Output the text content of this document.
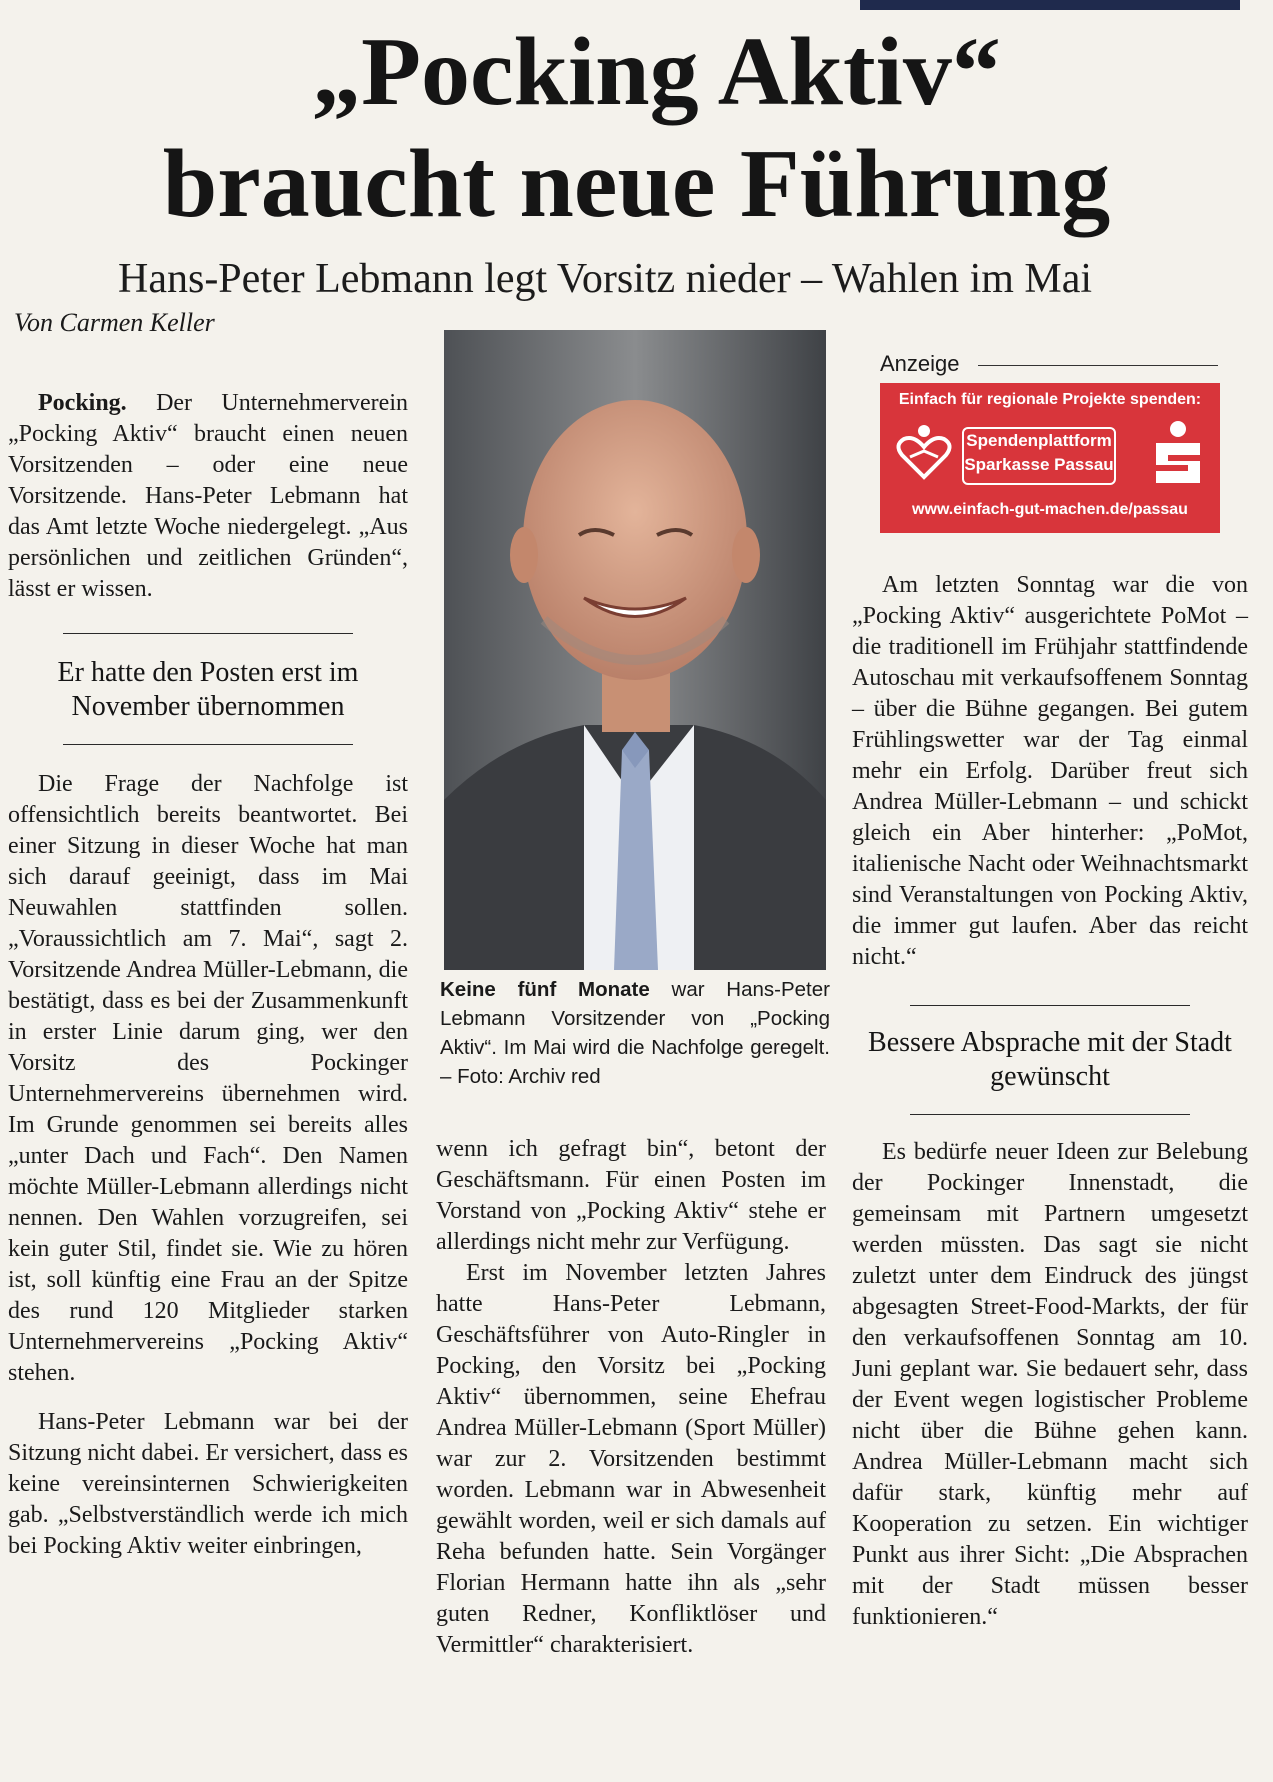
„Pocking Aktiv“
braucht neue Führung

Hans-Peter Lebmann legt Vorsitz nieder – Wahlen im Mai

Von Carmen Keller

Pocking. Der Unternehmerverein „Pocking Aktiv“ braucht einen neuen Vorsitzenden – oder eine neue Vorsitzende. Hans-Peter Lebmann hat das Amt letzte Woche niedergelegt. „Aus persönlichen und zeitlichen Gründen“, lässt er wissen.

Er hatte den Posten erst im November übernommen

Die Frage der Nachfolge ist offensichtlich bereits beantwortet. Bei einer Sitzung in dieser Woche hat man sich darauf geeinigt, dass im Mai Neuwahlen stattfinden sollen. „Voraussichtlich am 7. Mai“, sagt 2. Vorsitzende Andrea Müller-Lebmann, die bestätigt, dass es bei der Zusammenkunft in erster Linie darum ging, wer den Vorsitz des Pockinger Unternehmervereins übernehmen wird. Im Grunde genommen sei bereits alles „unter Dach und Fach“. Den Namen möchte Müller-Lebmann allerdings nicht nennen. Den Wahlen vorzugreifen, sei kein guter Stil, findet sie. Wie zu hören ist, soll künftig eine Frau an der Spitze des rund 120 Mitglieder starken Unternehmervereins „Pocking Aktiv“ stehen.

Hans-Peter Lebmann war bei der Sitzung nicht dabei. Er versichert, dass es keine vereinsinternen Schwierigkeiten gab. „Selbstverständlich werde ich mich bei Pocking Aktiv weiter einbringen,

Keine fünf Monate war Hans-Peter Lebmann Vorsitzender von „Pocking Aktiv“. Im Mai wird die Nachfolge geregelt. – Foto: Archiv red

wenn ich gefragt bin“, betont der Geschäftsmann. Für einen Posten im Vorstand von „Pocking Aktiv“ stehe er allerdings nicht mehr zur Verfügung.

Erst im November letzten Jahres hatte Hans-Peter Lebmann, Geschäftsführer von Auto-Ringler in Pocking, den Vorsitz bei „Pocking Aktiv“ übernommen, seine Ehefrau Andrea Müller-Lebmann (Sport Müller) war zur 2. Vorsitzenden bestimmt worden. Lebmann war in Abwesenheit gewählt worden, weil er sich damals auf Reha befunden hatte. Sein Vorgänger Florian Hermann hatte ihn als „sehr guten Redner, Konfliktlöser und Vermittler“ charakterisiert.

Anzeige

Einfach für regionale Projekte spenden:
Spendenplattform
Sparkasse Passau
www.einfach-gut-machen.de/passau

Am letzten Sonntag war die von „Pocking Aktiv“ ausgerichtete PoMot – die traditionell im Frühjahr stattfindende Autoschau mit verkaufsoffenem Sonntag – über die Bühne gegangen. Bei gutem Frühlingswetter war der Tag einmal mehr ein Erfolg. Darüber freut sich Andrea Müller-Lebmann – und schickt gleich ein Aber hinterher: „PoMot, italienische Nacht oder Weihnachtsmarkt sind Veranstaltungen von Pocking Aktiv, die immer gut laufen. Aber das reicht nicht.“

Bessere Absprache mit der Stadt gewünscht

Es bedürfe neuer Ideen zur Belebung der Pockinger Innenstadt, die gemeinsam mit Partnern umgesetzt werden müssten. Das sagt sie nicht zuletzt unter dem Eindruck des jüngst abgesagten Street-Food-Markts, der für den verkaufsoffenen Sonntag am 10. Juni geplant war. Sie bedauert sehr, dass der Event wegen logistischer Probleme nicht über die Bühne gehen kann. Andrea Müller-Lebmann macht sich dafür stark, künftig mehr auf Kooperation zu setzen. Ein wichtiger Punkt aus ihrer Sicht: „Die Absprachen mit der Stadt müssen besser funktionieren.“
